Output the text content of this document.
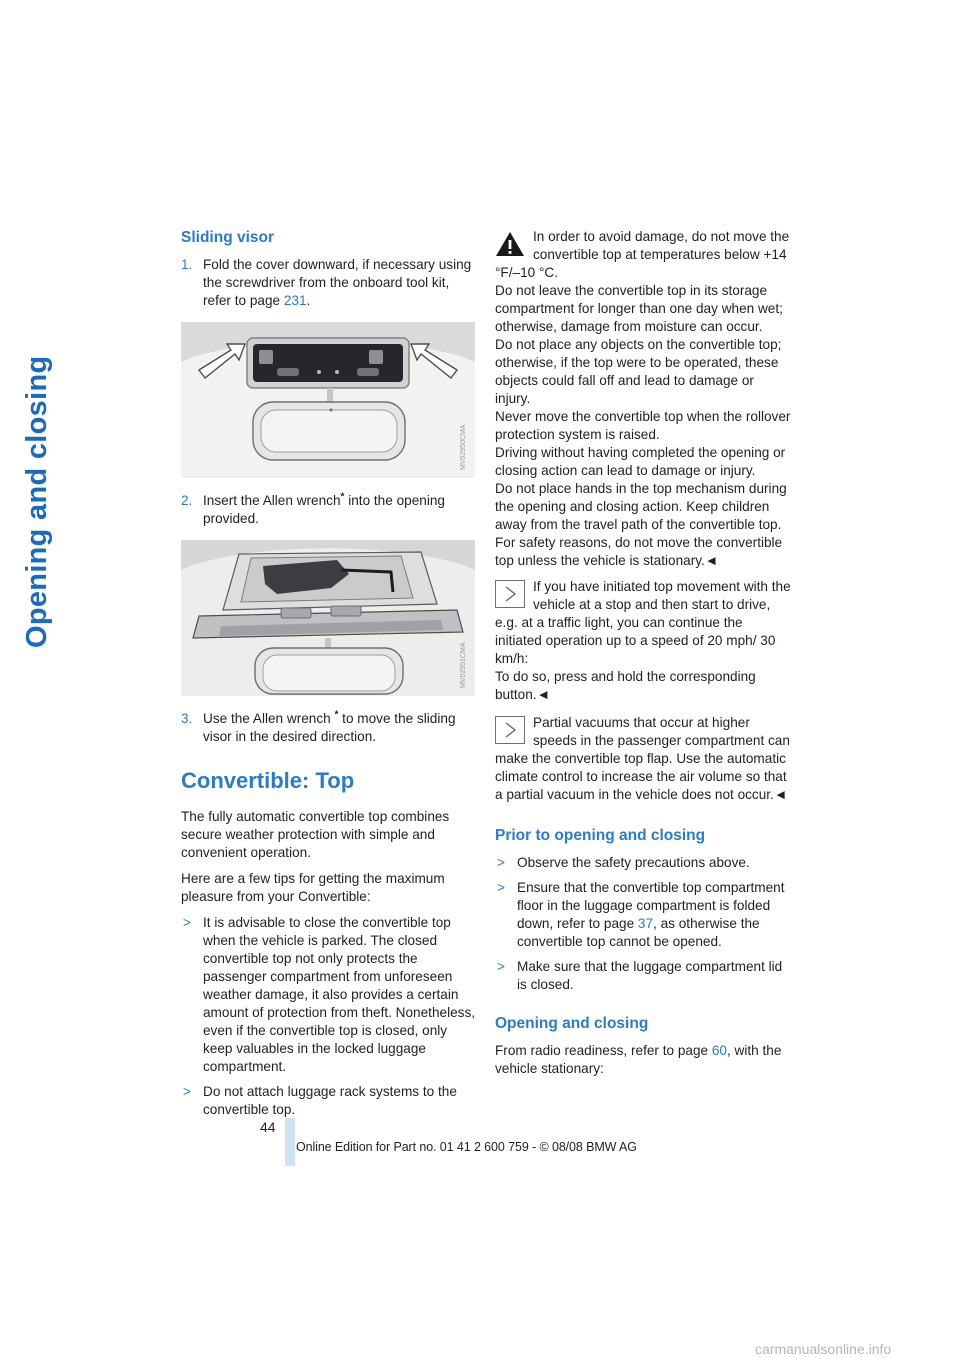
Opening and closing
Sliding visor
1. Fold the cover downward, if necessary using the screwdriver from the onboard tool kit, refer to page 231.
MV02950CMA
2. Insert the Allen wrench* into the opening provided.
MV02951CMA
3. Use the Allen wrench * to move the sliding visor in the desired direction.
Convertible: Top

The fully automatic convertible top combines secure weather protection with simple and convenient operation.

Here are a few tips for getting the maximum pleasure from your Convertible:

> It is advisable to close the convertible top when the vehicle is parked. The closed convertible top not only protects the passenger compartment from unforeseen weather damage, it also provides a certain amount of protection from theft. Nonetheless, even if the convertible top is closed, only keep valuables in the locked luggage compartment.
> Do not attach luggage rack systems to the convertible top.

In order to avoid damage, do not move the convertible top at temperatures below +14 °F/–10 °C.

Do not leave the convertible top in its storage compartment for longer than one day when wet; otherwise, damage from moisture can occur.

Do not place any objects on the convertible top; otherwise, if the top were to be operated, these objects could fall off and lead to damage or injury.

Never move the convertible top when the rollover protection system is raised.

Driving without having completed the opening or closing action can lead to damage or injury.

Do not place hands in the top mechanism during the opening and closing action. Keep children away from the travel path of the convertible top.

For safety reasons, do not move the convertible top unless the vehicle is stationary.◄

If you have initiated top movement with the vehicle at a stop and then start to drive, e.g. at a traffic light, you can continue the initiated operation up to a speed of 20 mph/ 30 km/h:

To do so, press and hold the corresponding button.◄

Partial vacuums that occur at higher speeds in the passenger compartment can make the convertible top flap. Use the automatic climate control to increase the air volume so that a partial vacuum in the vehicle does not occur.◄

Prior to opening and closing
> Observe the safety precautions above.
> Ensure that the convertible top compartment floor in the luggage compartment is folded down, refer to page 37, as otherwise the convertible top cannot be opened.
> Make sure that the luggage compartment lid is closed.
Opening and closing

From radio readiness, refer to page 60, with the vehicle stationary:

44
Online Edition for Part no. 01 41 2 600 759 - © 08/08 BMW AG
carmanualsonline.info
